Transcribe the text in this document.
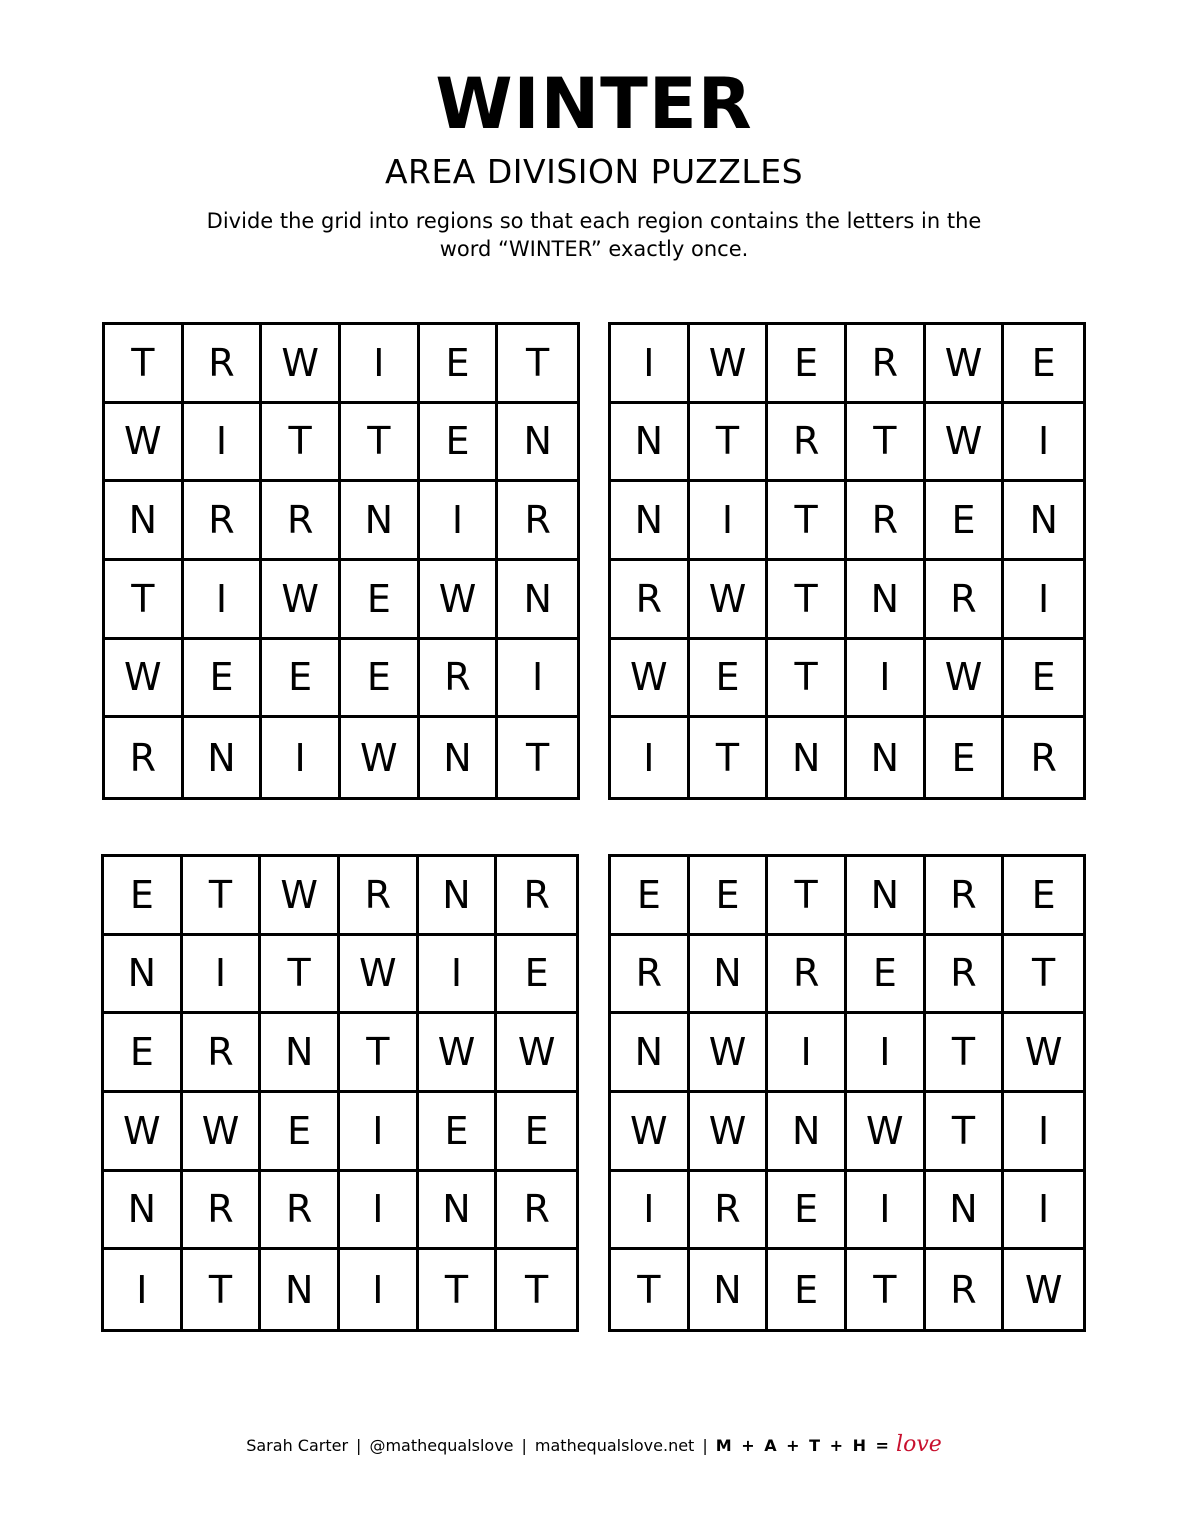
WINTER
AREA DIVISION PUZZLES
Divide the grid into regions so that each region contains the letters in the
word “WINTER” exactly once.
T	R	W	I	E	T
W	I	T	T	E	N
N	R	R	N	I	R
T	I	W	E	W	N
W	E	E	E	R	I
R	N	I	W	N	T
I	W	E	R	W	E
N	T	R	T	W	I
N	I	T	R	E	N
R	W	T	N	R	I
W	E	T	I	W	E
I	T	N	N	E	R
E	T	W	R	N	R
N	I	T	W	I	E
E	R	N	T	W	W
W	W	E	I	E	E
N	R	R	I	N	R
I	T	N	I	T	T
E	E	T	N	R	E
R	N	R	E	R	T
N	W	I	I	T	W
W	W	N	W	T	I
I	R	E	I	N	I
T	N	E	T	R	W
Sarah Carter | @mathequalslove | mathequalslove.net | M + A + T + H = love
